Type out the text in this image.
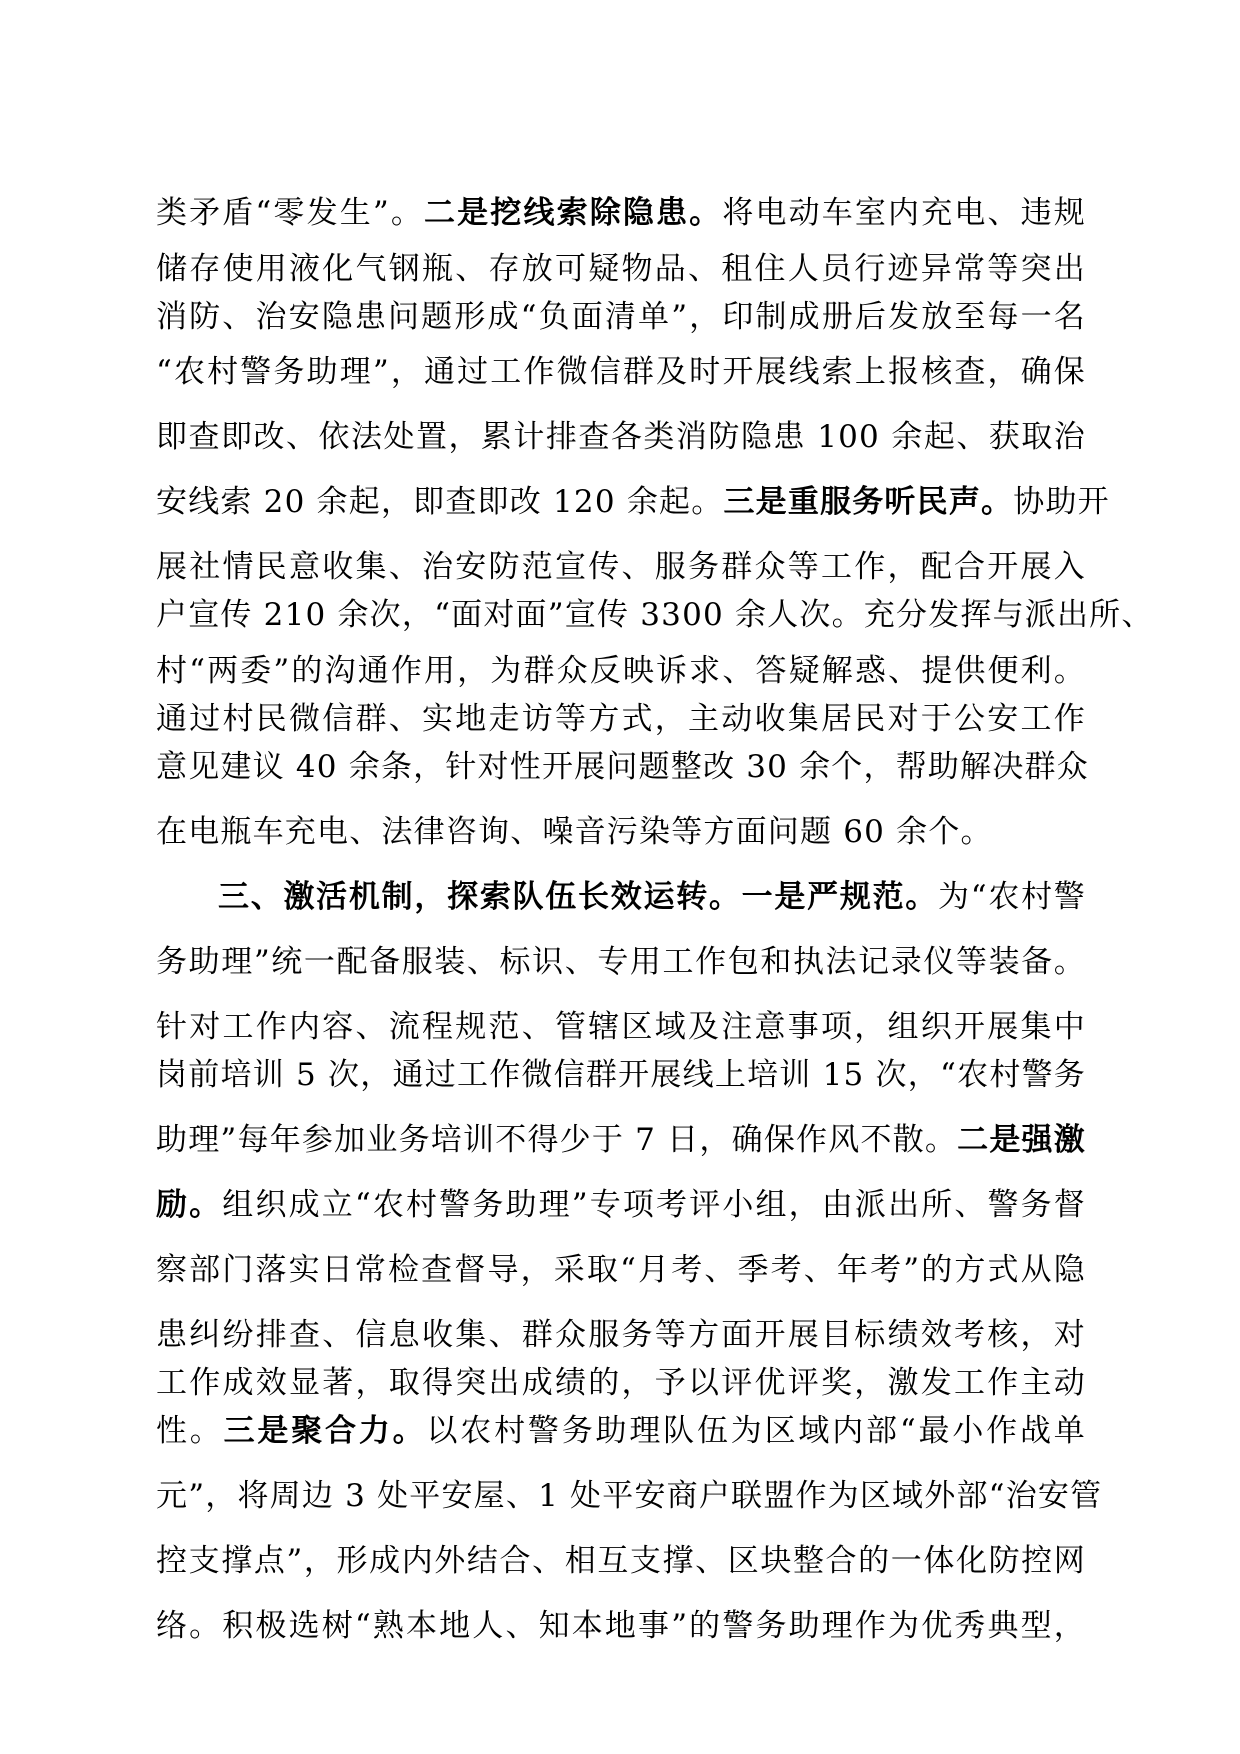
类矛盾“零发生”。二是挖线索除隐患。将电动车室内充电、违规
储存使用液化气钢瓶、存放可疑物品、租住人员行迹异常等突出
消防、治安隐患问题形成“负面清单”，印制成册后发放至每一名
“农村警务助理”，通过工作微信群及时开展线索上报核查，确保
即查即改、依法处置，累计排查各类消防隐患 100 余起、获取治
安线索 20 余起，即查即改 120 余起。三是重服务听民声。协助开
展社情民意收集、治安防范宣传、服务群众等工作，配合开展入
户宣传 210 余次，“面对面”宣传 3300 余人次。充分发挥与派出所、
村“两委”的沟通作用，为群众反映诉求、答疑解惑、提供便利。
通过村民微信群、实地走访等方式，主动收集居民对于公安工作
意见建议 40 余条，针对性开展问题整改 30 余个，帮助解决群众
在电瓶车充电、法律咨询、噪音污染等方面问题 60 余个。
三、激活机制，探索队伍长效运转。一是严规范。为“农村警
务助理”统一配备服装、标识、专用工作包和执法记录仪等装备。
针对工作内容、流程规范、管辖区域及注意事项，组织开展集中
岗前培训 5 次，通过工作微信群开展线上培训 15 次，“农村警务
助理”每年参加业务培训不得少于 7 日，确保作风不散。二是强激
励。组织成立“农村警务助理”专项考评小组，由派出所、警务督
察部门落实日常检查督导，采取“月考、季考、年考”的方式从隐
患纠纷排查、信息收集、群众服务等方面开展目标绩效考核，对
工作成效显著，取得突出成绩的，予以评优评奖，激发工作主动
性。三是聚合力。以农村警务助理队伍为区域内部“最小作战单
元”，将周边 3 处平安屋、1 处平安商户联盟作为区域外部“治安管
控支撑点”，形成内外结合、相互支撑、区块整合的一体化防控网
络。积极选树“熟本地人、知本地事”的警务助理作为优秀典型，
